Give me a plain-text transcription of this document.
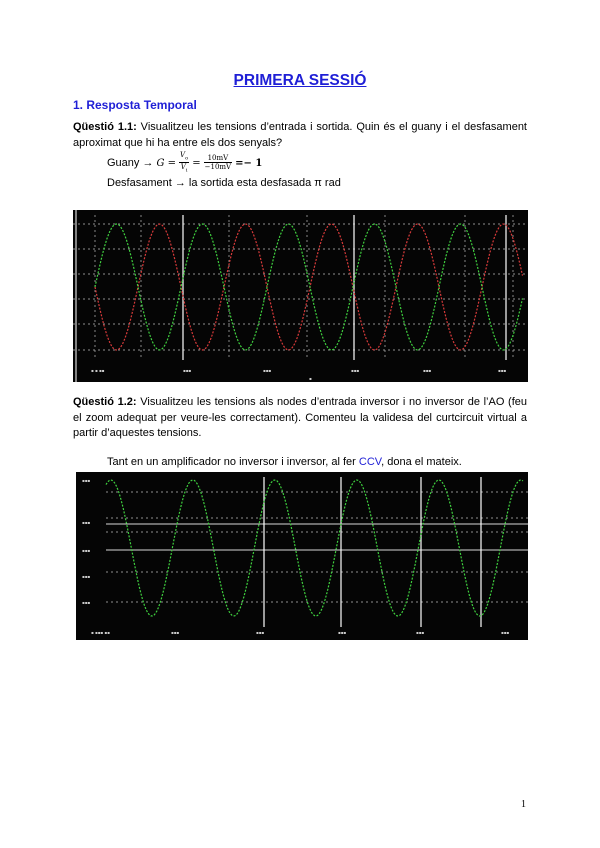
PRIMERA SESSIÓ
1. Resposta Temporal
Qüestió 1.1: Visualitzeu les tensions d’entrada i sortida. Quin és el guany i el desfasament aproximat que hi ha entre els dos senyals?
Guany → $G = \frac{V_o}{V_i} = \frac{10mV}{-10mV} =- 1$
Desfasament → la sortida esta desfasada π rad
▪ ▪ ▪▪	▪▪▪	▪▪▪	▪▪▪	▪▪▪	▪▪▪
▪
Qüestió 1.2: Visualitzeu les tensions als nodes d’entrada inversor i no inversor de l’AO (feu el zoom adequat per veure-les correctament). Comenteu la validesa del curtcircuit virtual a partir d’aquestes tensions.
Tant en un amplificador no inversor i inversor, al fer CCV, dona el mateix.
▪▪▪
▪▪▪
▪▪▪
▪▪▪
▪▪▪
▪ ▪▪▪ ▪▪	▪▪▪	▪▪▪	▪▪▪	▪▪▪	▪▪▪
1
